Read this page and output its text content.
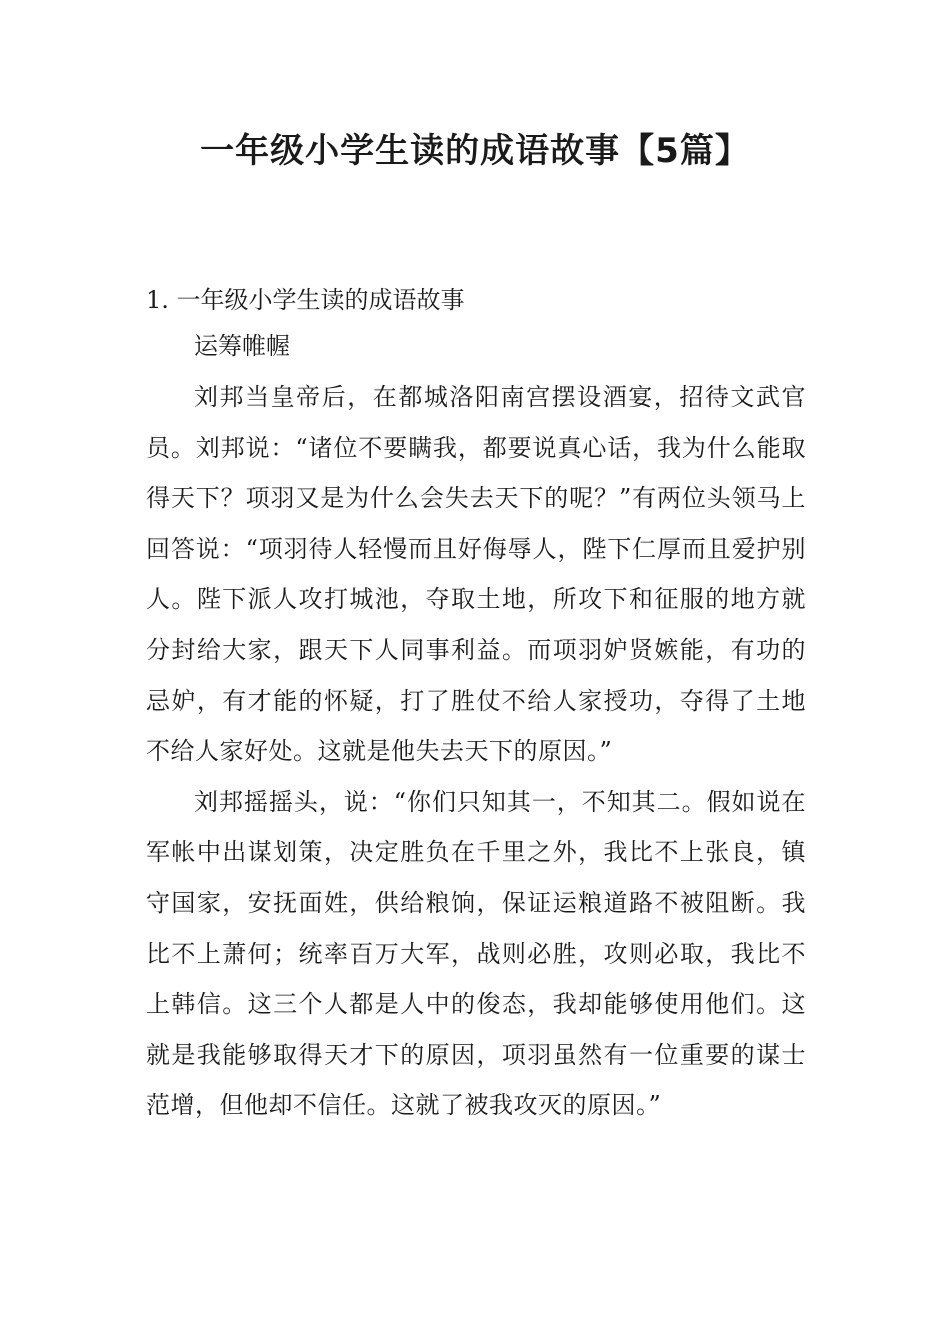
一年级小学生读的成语故事【5篇】
1. 一年级小学生读的成语故事
运筹帷幄

刘邦当皇帝后，在都城洛阳南宫摆设酒宴，招待文武官员。刘邦说：“诸位不要瞒我，都要说真心话，我为什么能取得天下？项羽又是为什么会失去天下的呢？”有两位头领马上回答说：“项羽待人轻慢而且好侮辱人，陛下仁厚而且爱护别人。陛下派人攻打城池，夺取土地，所攻下和征服的地方就分封给大家，跟天下人同事利益。而项羽妒贤嫉能，有功的忌妒，有才能的怀疑，打了胜仗不给人家授功，夺得了土地不给人家好处。这就是他失去天下的原因。”

刘邦摇摇头，说：“你们只知其一，不知其二。假如说在军帐中出谋划策，决定胜负在千里之外，我比不上张良，镇守国家，安抚面姓，供给粮饷，保证运粮道路不被阻断。我比不上萧何；统率百万大军，战则必胜，攻则必取，我比不上韩信。这三个人都是人中的俊态，我却能够使用他们。这就是我能够取得天才下的原因，项羽虽然有一位重要的谋士范增，但他却不信任。这就了被我攻灭的原因。”
